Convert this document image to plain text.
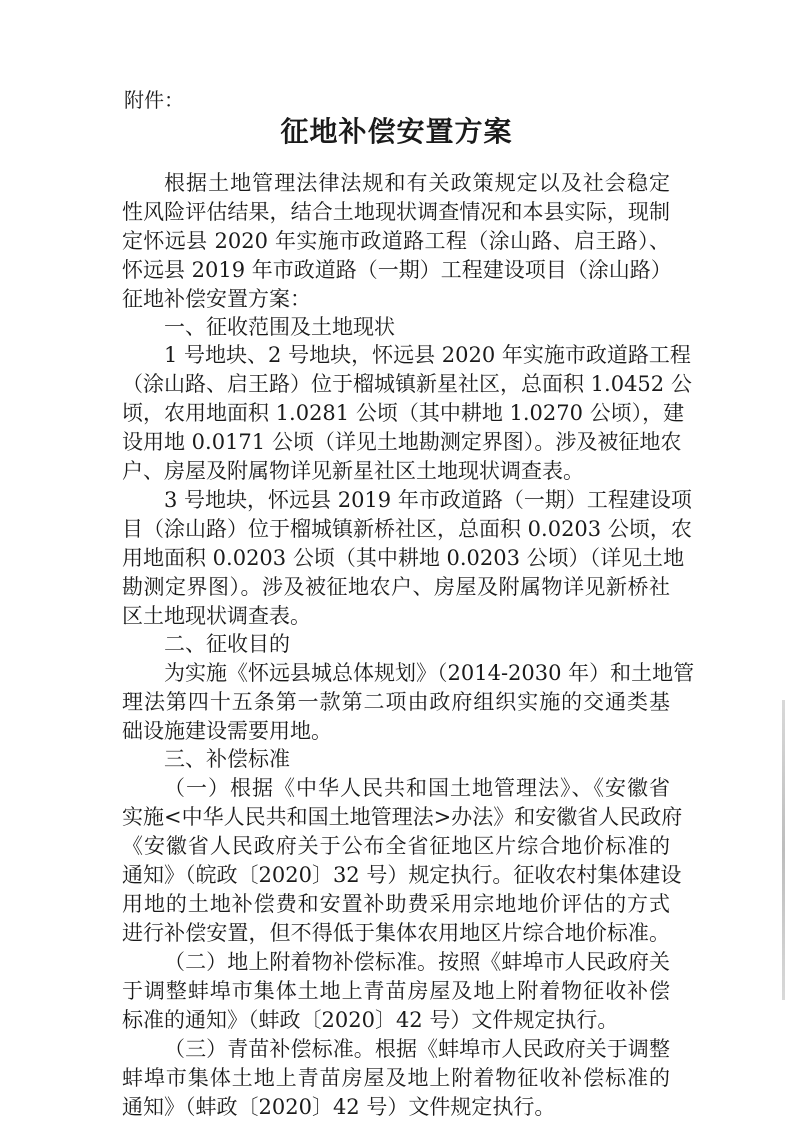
附件：

征地补偿安置方案

根据土地管理法律法规和有关政策规定以及社会稳定

性风险评估结果，结合土地现状调查情况和本县实际，现制

定怀远县 2020 年实施市政道路工程（涂山路、启王路）、

怀远县 2019 年市政道路（一期）工程建设项目（涂山路）

征地补偿安置方案：

一、征收范围及土地现状

1 号地块、2 号地块，怀远县 2020 年实施市政道路工程

（涂山路、启王路）位于榴城镇新星社区，总面积 1.0452 公

顷，农用地面积 1.0281 公顷（其中耕地 1.0270 公顷），建

设用地 0.0171 公顷（详见土地勘测定界图）。涉及被征地农

户、房屋及附属物详见新星社区土地现状调查表。

3 号地块，怀远县 2019 年市政道路（一期）工程建设项

目（涂山路）位于榴城镇新桥社区，总面积 0.0203 公顷，农

用地面积 0.0203 公顷（其中耕地 0.0203 公顷）（详见土地

勘测定界图）。涉及被征地农户、房屋及附属物详见新桥社

区土地现状调查表。

二、征收目的

为实施《怀远县城总体规划》（2014-2030 年）和土地管

理法第四十五条第一款第二项由政府组织实施的交通类基

础设施建设需要用地。

三、补偿标准

（一）根据《中华人民共和国土地管理法》、《安徽省

实施<中华人民共和国土地管理法>办法》和安徽省人民政府

《安徽省人民政府关于公布全省征地区片综合地价标准的

通知》（皖政〔2020〕32 号）规定执行。征收农村集体建设

用地的土地补偿费和安置补助费采用宗地地价评估的方式

进行补偿安置，但不得低于集体农用地区片综合地价标准。

（二）地上附着物补偿标准。按照《蚌埠市人民政府关

于调整蚌埠市集体土地上青苗房屋及地上附着物征收补偿

标准的通知》（蚌政〔2020〕42 号）文件规定执行。

（三）青苗补偿标准。根据《蚌埠市人民政府关于调整

蚌埠市集体土地上青苗房屋及地上附着物征收补偿标准的

通知》（蚌政〔2020〕42 号）文件规定执行。
